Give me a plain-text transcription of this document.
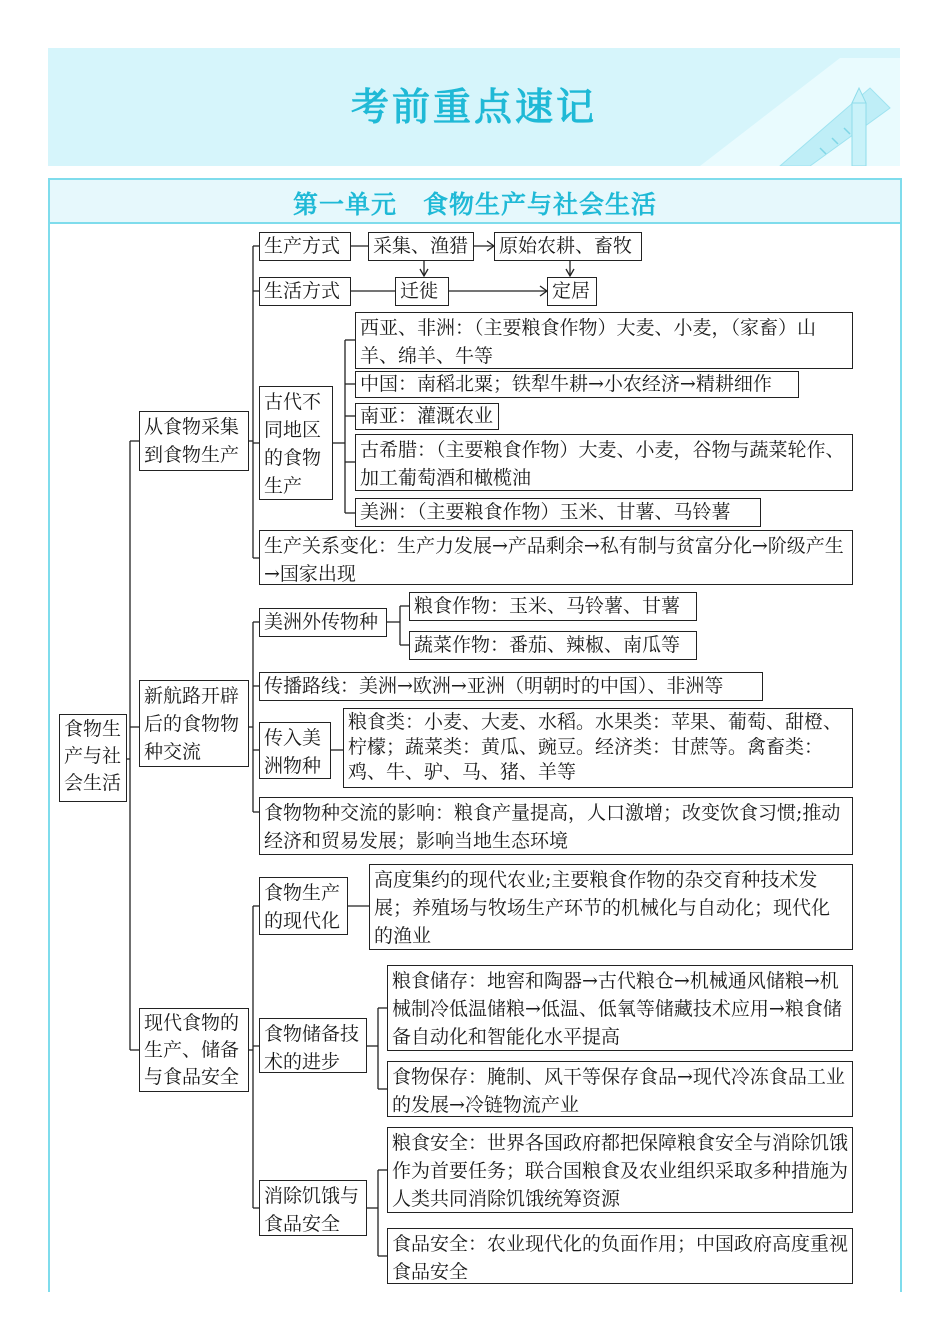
考前重点速记
第一单元　食物生产与社会生活
食物生产与社会生活
从食物采集到食物生产
生产方式	采集、渔猎	原始农耕、畜牧
生活方式	迁徙	定居
古代不同地区的食物生产
西亚、非洲：（主要粮食作物）大麦、小麦，（家畜）山羊、绵羊、牛等
中国：南稻北粟；铁犁牛耕→小农经济→精耕细作
南亚：灌溉农业
古希腊：（主要粮食作物）大麦、小麦，谷物与蔬菜轮作、加工葡萄酒和橄榄油
美洲：（主要粮食作物）玉米、甘薯、马铃薯
生产关系变化：生产力发展→产品剩余→私有制与贫富分化→阶级产生→国家出现
新航路开辟后的食物物种交流
美洲外传物种
粮食作物：玉米、马铃薯、甘薯
蔬菜作物：番茄、辣椒、南瓜等
传播路线：美洲→欧洲→亚洲（明朝时的中国）、非洲等
传入美洲物种
粮食类：小麦、大麦、水稻。水果类：苹果、葡萄、甜橙、柠檬；蔬菜类：黄瓜、豌豆。经济类：甘蔗等。禽畜类：鸡、牛、驴、马、猪、羊等
食物物种交流的影响：粮食产量提高，人口激增；改变饮食习惯;推动经济和贸易发展；影响当地生态环境
现代食物的生产、储备与食品安全
食物生产的现代化
高度集约的现代农业;主要粮食作物的杂交育种技术发展；养殖场与牧场生产环节的机械化与自动化；现代化的渔业
食物储备技术的进步
粮食储存：地窖和陶器→古代粮仓→机械通风储粮→机械制冷低温储粮→低温、低氧等储藏技术应用→粮食储备自动化和智能化水平提高
食物保存：腌制、风干等保存食品→现代冷冻食品工业的发展→冷链物流产业
消除饥饿与食品安全
粮食安全：世界各国政府都把保障粮食安全与消除饥饿作为首要任务；联合国粮食及农业组织采取多种措施为人类共同消除饥饿统筹资源
食品安全：农业现代化的负面作用；中国政府高度重视食品安全
